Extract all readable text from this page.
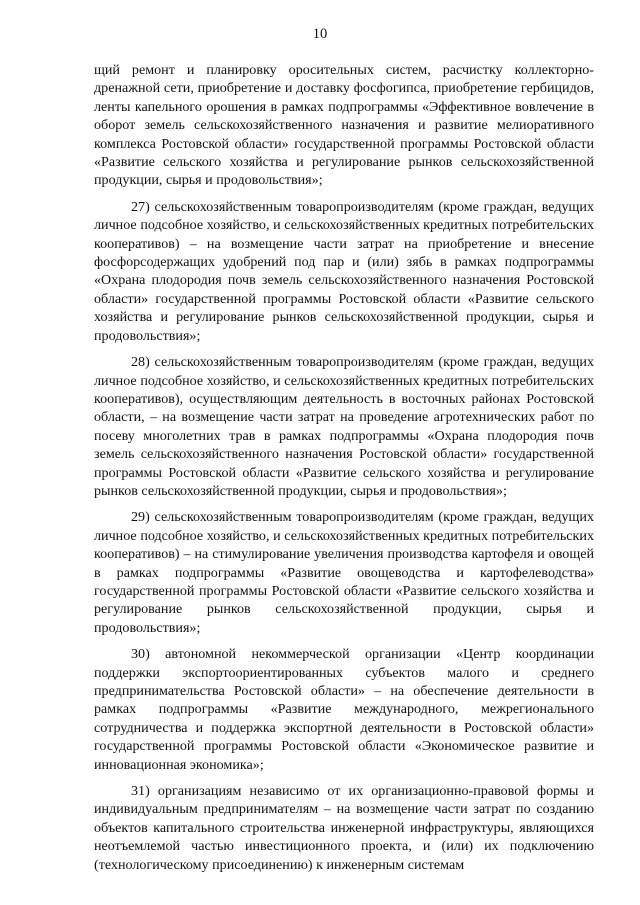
10

щий ремонт и планировку оросительных систем, расчистку коллекторно-дренажной сети, приобретение и доставку фосфогипса, приобретение гербицидов, ленты капельного орошения в рамках подпрограммы «Эффективное вовлечение в оборот земель сельскохозяйственного назначения и развитие мелиоративного комплекса Ростовской области» государственной программы Ростовской области «Развитие сельского хозяйства и регулирование рынков сельскохозяйственной продукции, сырья и продовольствия»;

27) сельскохозяйственным товаропроизводителям (кроме граждан, ведущих личное подсобное хозяйство, и сельскохозяйственных кредитных потребительских кооперативов) – на возмещение части затрат на приобретение и внесение фосфорсодержащих удобрений под пар и (или) зябь в рамках подпрограммы «Охрана плодородия почв земель сельскохозяйственного назначения Ростовской области» государственной программы Ростовской области «Развитие сельского хозяйства и регулирование рынков сельскохозяйственной продукции, сырья и продовольствия»;

28) сельскохозяйственным товаропроизводителям (кроме граждан, ведущих личное подсобное хозяйство, и сельскохозяйственных кредитных потребительских кооперативов), осуществляющим деятельность в восточных районах Ростовской области, – на возмещение части затрат на проведение агротехнических работ по посеву многолетних трав в рамках подпрограммы «Охрана плодородия почв земель сельскохозяйственного назначения Ростовской области» государственной программы Ростовской области «Развитие сельского хозяйства и регулирование рынков сельскохозяйственной продукции, сырья и продовольствия»;

29) сельскохозяйственным товаропроизводителям (кроме граждан, ведущих личное подсобное хозяйство, и сельскохозяйственных кредитных потребительских кооперативов) – на стимулирование увеличения производства картофеля и овощей в рамках подпрограммы «Развитие овощеводства и картофелеводства» государственной программы Ростовской области «Развитие сельского хозяйства и регулирование рынков сельскохозяйственной продукции, сырья и продовольствия»;

30) автономной некоммерческой организации «Центр координации поддержки экспортоориентированных субъектов малого и среднего предпринимательства Ростовской области» – на обеспечение деятельности в рамках подпрограммы «Развитие международного, межрегионального сотрудничества и поддержка экспортной деятельности в Ростовской области» государственной программы Ростовской области «Экономическое развитие и инновационная экономика»;

31) организациям независимо от их организационно-правовой формы и индивидуальным предпринимателям – на возмещение части затрат по созданию объектов капитального строительства инженерной инфраструктуры, являющихся неотъемлемой частью инвестиционного проекта, и (или) их подключению (технологическому присоединению) к инженерным системам
